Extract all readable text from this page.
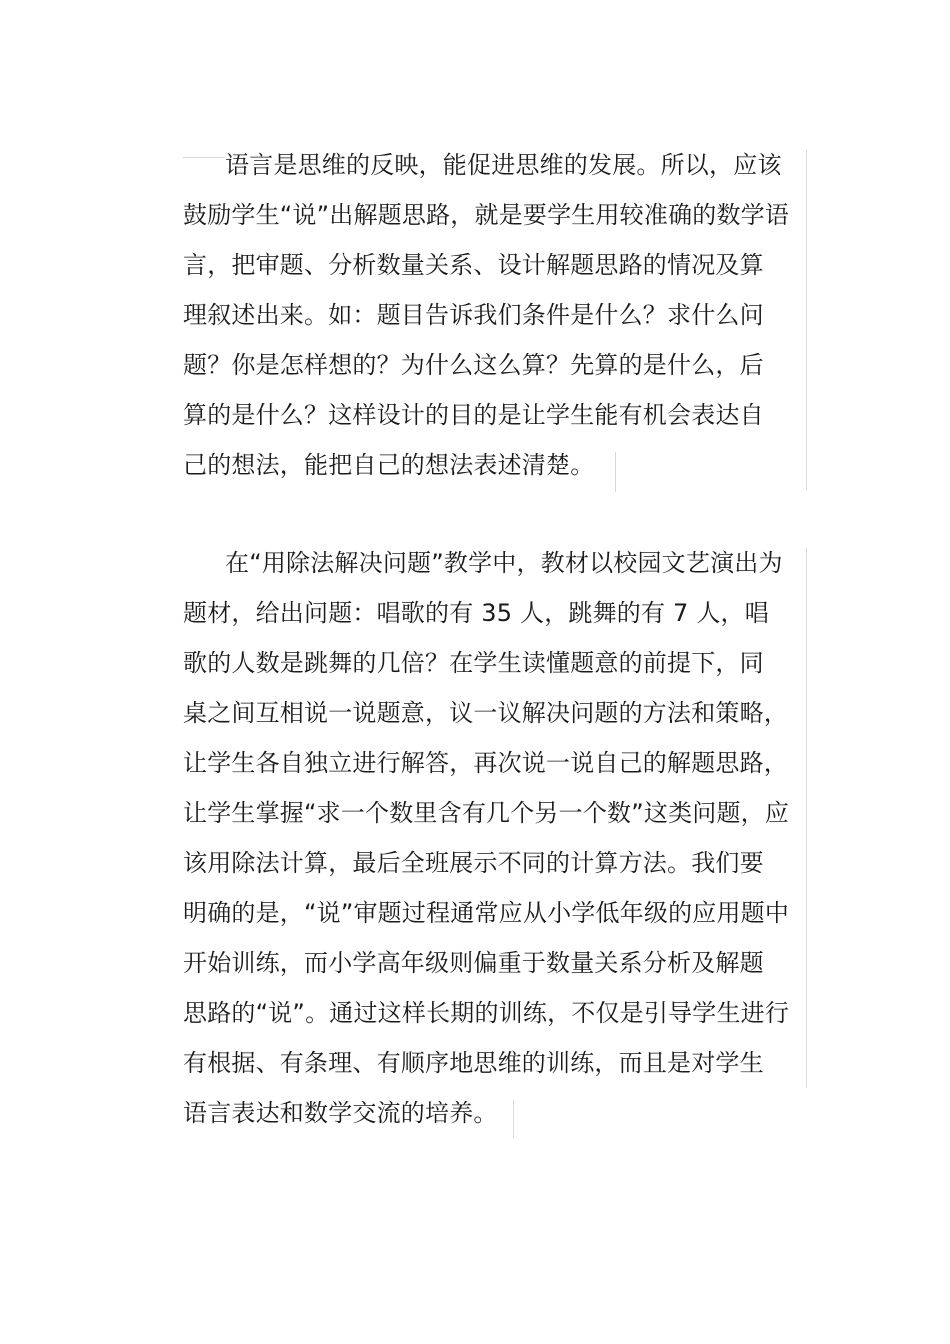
语言是思维的反映，能促进思维的发展。所以，应该
鼓励学生“说”出解题思路，就是要学生用较准确的数学语
言，把审题、分析数量关系、设计解题思路的情况及算
理叙述出来。如：题目告诉我们条件是什么？求什么问
题？你是怎样想的？为什么这么算？先算的是什么，后
算的是什么？这样设计的目的是让学生能有机会表达自
己的想法，能把自己的想法表述清楚。
在“用除法解决问题”教学中，教材以校园文艺演出为
题材，给出问题：唱歌的有 35 人，跳舞的有 7 人，唱
歌的人数是跳舞的几倍？在学生读懂题意的前提下，同
桌之间互相说一说题意，议一议解决问题的方法和策略，
让学生各自独立进行解答，再次说一说自己的解题思路，
让学生掌握“求一个数里含有几个另一个数”这类问题，应
该用除法计算，最后全班展示不同的计算方法。我们要
明确的是，“说”审题过程通常应从小学低年级的应用题中
开始训练，而小学高年级则偏重于数量关系分析及解题
思路的“说”。通过这样长期的训练，不仅是引导学生进行
有根据、有条理、有顺序地思维的训练，而且是对学生
语言表达和数学交流的培养。
